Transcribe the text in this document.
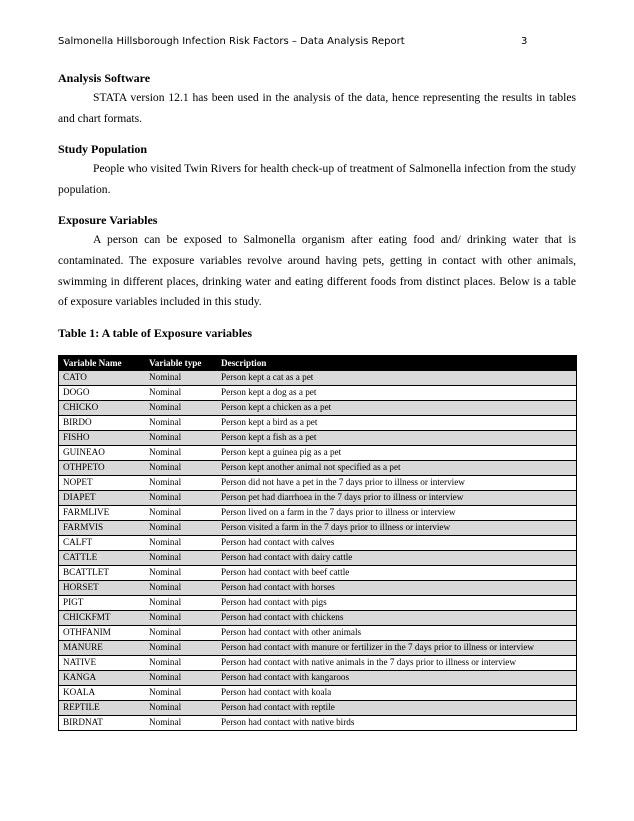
Salmonella Hillsborough Infection Risk Factors – Data Analysis Report	3
Analysis Software

STATA version 12.1 has been used in the analysis of the data, hence representing the results in tables and chart formats.

Study Population

People who visited Twin Rivers for health check-up of treatment of Salmonella infection from the study population.

Exposure Variables

A person can be exposed to Salmonella organism after eating food and/ drinking water that is contaminated. The exposure variables revolve around having pets, getting in contact with other animals, swimming in different places, drinking water and eating different foods from distinct places. Below is a table of exposure variables included in this study.

Table 1: A table of Exposure variables
Variable Name	Variable type	Description
CATO	Nominal	Person kept a cat as a pet
DOGO	Nominal	Person kept a dog as a pet
CHICKO	Nominal	Person kept a chicken as a pet
BIRDO	Nominal	Person kept a bird as a pet
FISHO	Nominal	Person kept a fish as a pet
GUINEAO	Nominal	Person kept a guinea pig as a pet
OTHPETO	Nominal	Person kept another animal not specified as a pet
NOPET	Nominal	Person did not have a pet in the 7 days prior to illness or interview
DIAPET	Nominal	Person pet had diarrhoea in the 7 days prior to illness or interview
FARMLIVE	Nominal	Person lived on a farm in the 7 days prior to illness or interview
FARMVIS	Nominal	Person visited a farm in the 7 days prior to illness or interview
CALFT	Nominal	Person had contact with calves
CATTLE	Nominal	Person had contact with dairy cattle
BCATTLET	Nominal	Person had contact with beef cattle
HORSET	Nominal	Person had contact with horses
PIGT	Nominal	Person had contact with pigs
CHICKFMT	Nominal	Person had contact with chickens
OTHFANIM	Nominal	Person had contact with other animals
MANURE	Nominal	Person had contact with manure or fertilizer in the 7 days prior to illness or interview
NATIVE	Nominal	Person had contact with native animals in the 7 days prior to illness or interview
KANGA	Nominal	Person had contact with kangaroos
KOALA	Nominal	Person had contact with koala
REPTILE	Nominal	Person had contact with reptile
BIRDNAT	Nominal	Person had contact with native birds
